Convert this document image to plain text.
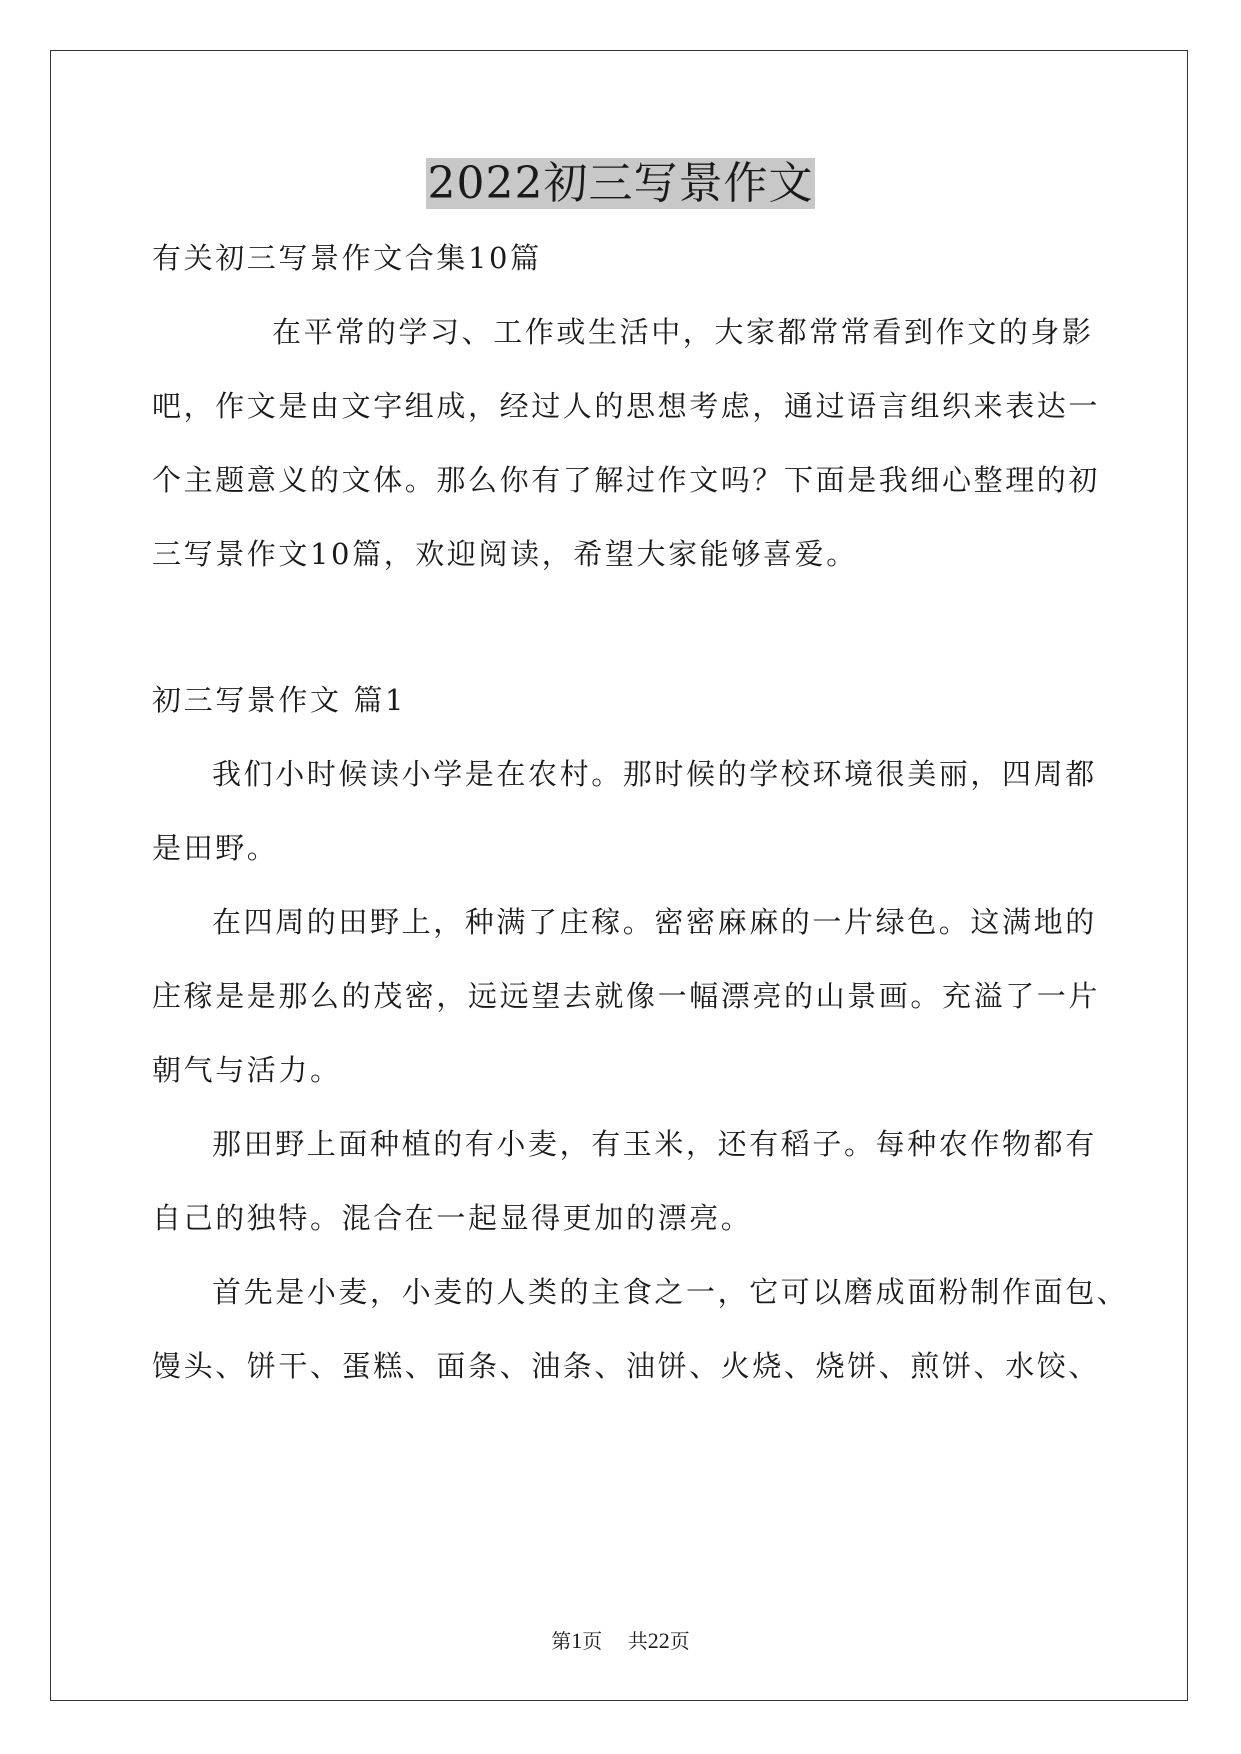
2022初三写景作文

有关初三写景作文合集10篇

在平常的学习、工作或生活中，大家都常常看到作文的身影

吧，作文是由文字组成，经过人的思想考虑，通过语言组织来表达一

个主题意义的文体。那么你有了解过作文吗？下面是我细心整理的初

三写景作文10篇，欢迎阅读，希望大家能够喜爱。

初三写景作文 篇1

我们小时候读小学是在农村。那时候的学校环境很美丽，四周都

是田野。

在四周的田野上，种满了庄稼。密密麻麻的一片绿色。这满地的

庄稼是是那么的茂密，远远望去就像一幅漂亮的山景画。充溢了一片

朝气与活力。

那田野上面种植的有小麦，有玉米，还有稻子。每种农作物都有

自己的独特。混合在一起显得更加的漂亮。

首先是小麦，小麦的人类的主食之一，它可以磨成面粉制作面包、

馒头、饼干、蛋糕、面条、油条、油饼、火烧、烧饼、煎饼、水饺、

第1页 共22页
